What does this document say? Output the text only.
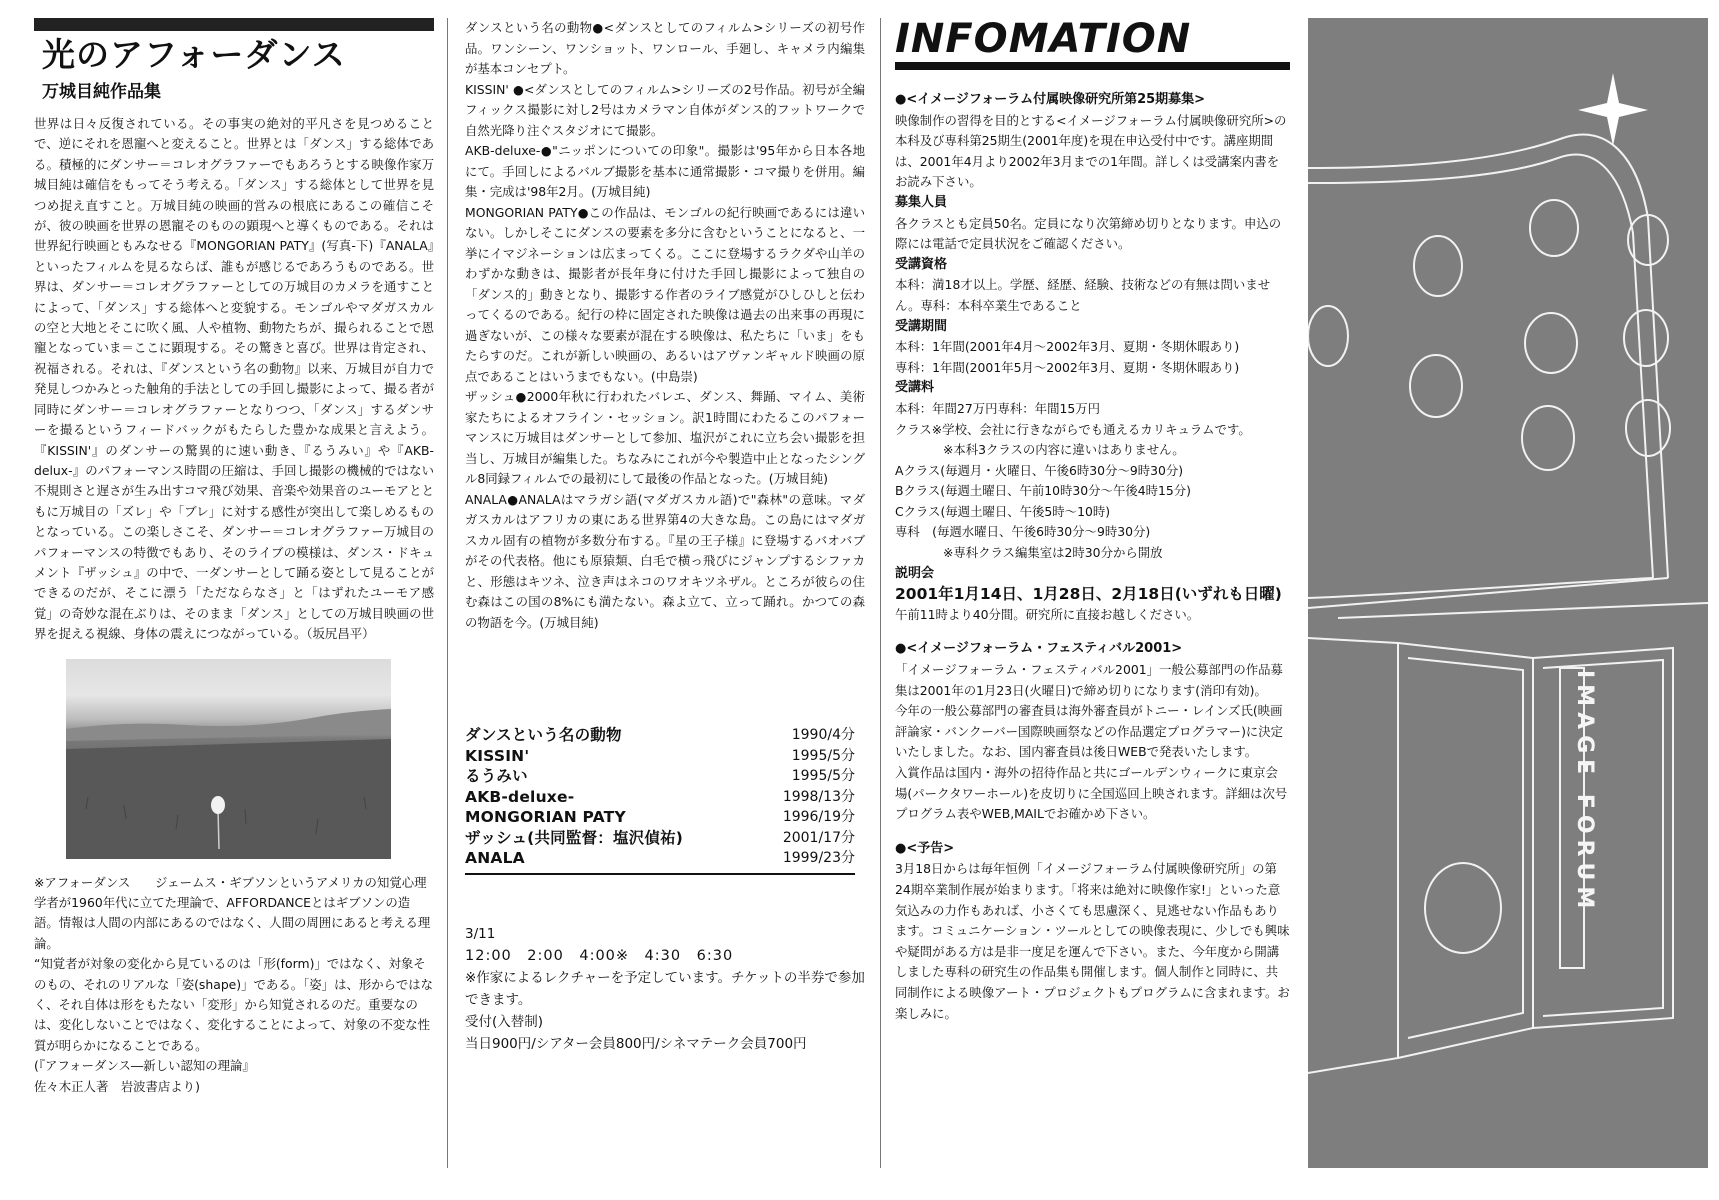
光のアフォーダンス
万城目純作品集

世界は日々反復されている。その事実の絶対的平凡さを見つめることで、逆にそれを恩寵へと変えること。世界とは「ダンス」する総体である。積極的にダンサー＝コレオグラファーでもあろうとする映像作家万城目純は確信をもってそう考える。「ダンス」する総体として世界を見つめ捉え直すこと。万城目純の映画的営みの根底にあるこの確信こそが、彼の映画を世界の恩寵そのものの顕現へと導くものである。それは世界紀行映画ともみなせる『MONGORIAN PATY』(写真-下)『ANALA』といったフィルムを見るならば、誰もが感じるであろうものである。世界は、ダンサー＝コレオグラファーとしての万城目のカメラを通すことによって、「ダンス」する総体へと変貌する。モンゴルやマダガスカルの空と大地とそこに吹く風、人や植物、動物たちが、撮られることで恩寵となっていま＝ここに顕現する。その驚きと喜び。世界は肯定され、祝福される。それは、『ダンスという名の動物』以来、万城目が自力で発見しつかみとった触角的手法としての手回し撮影によって、撮る者が同時にダンサー＝コレオグラファーとなりつつ、「ダンス」するダンサーを撮るというフィードバックがもたらした豊かな成果と言えよう。『KISSIN'』のダンサーの驚異的に速い動き、『るうみい』や『AKB-delux-』のパフォーマンス時間の圧縮は、手回し撮影の機械的ではない不規則さと遅さが生み出すコマ飛び効果、音楽や効果音のユーモアとともに万城目の「ズレ」や「ブレ」に対する感性が突出して楽しめるものとなっている。この楽しさこそ、ダンサー＝コレオグラファー万城目のパフォーマンスの特徴でもあり、そのライブの模様は、ダンス・ドキュメント『ザッシュ』の中で、一ダンサーとして踊る姿として見ることができるのだが、そこに漂う「ただならなさ」と「はずれたユーモア感覚」の奇妙な混在ぶりは、そのまま「ダンス」としての万城目映画の世界を捉える視線、身体の震えにつながっている。（坂尻昌平）

※アフォーダンス　　ジェームス・ギブソンというアメリカの知覚心理学者が1960年代に立てた理論で、AFFORDANCEとはギブソンの造語。情報は人間の内部にあるのではなく、人間の周囲にあると考える理論。

“知覚者が対象の変化から見ているのは「形(form)」ではなく、対象そのもの、それのリアルな「姿(shape)」である。「姿」は、形からではなく、それ自体は形をもたない「変形」から知覚されるのだ。重要なのは、変化しないことではなく、変化することによって、対象の不変な性質が明らかになることである。

(『アフォーダンス―新しい認知の理論』

佐々木正人著　岩波書店より)

ダンスという名の動物●<ダンスとしてのフィルム>シリーズの初号作品。ワンシーン、ワンショット、ワンロール、手廻し、キャメラ内編集が基本コンセプト。

KISSIN' ●<ダンスとしてのフィルム>シリーズの2号作品。初号が全編フィックス撮影に対し2号はカメラマン自体がダンス的フットワークで自然光降り注ぐスタジオにて撮影。

AKB-deluxe-●"ニッポンについての印象"。撮影は'95年から日本各地にて。手回しによるバルブ撮影を基本に通常撮影・コマ撮りを併用。編集・完成は'98年2月。(万城目純)

MONGORIAN PATY●この作品は、モンゴルの紀行映画であるには違いない。しかしそこにダンスの要素を多分に含むということになると、一挙にイマジネーションは広まってくる。ここに登場するラクダや山羊のわずかな動きは、撮影者が長年身に付けた手回し撮影によって独自の「ダンス的」動きとなり、撮影する作者のライブ感覚がひしひしと伝わってくるのである。紀行の枠に固定された映像は過去の出来事の再現に過ぎないが、この様々な要素が混在する映像は、私たちに「いま」をもたらすのだ。これが新しい映画の、あるいはアヴァンギャルド映画の原点であることはいうまでもない。(中島崇)

ザッシュ●2000年秋に行われたバレエ、ダンス、舞踊、マイム、美術家たちによるオフライン・セッション。訳1時間にわたるこのパフォーマンスに万城目はダンサーとして参加、塩沢がこれに立ち会い撮影を担当し、万城目が編集した。ちなみにこれが今や製造中止となったシングル8同録フィルムでの最初にして最後の作品となった。(万城目純)

ANALA●ANALAはマラガシ語(マダガスカル語)で"森林"の意味。マダガスカルはアフリカの東にある世界第4の大きな島。この島にはマダガスカル固有の植物が多数分布する。『星の王子様』に登場するバオバブがその代表格。他にも原猿類、白毛で横っ飛びにジャンプするシファカと、形態はキツネ、泣き声はネコのワオキツネザル。ところが彼らの住む森はこの国の8%にも満たない。森よ立て、立って踊れ。かつての森の物語を今。(万城目純)

ダンスという名の動物	1990/4分
KISSIN'	1995/5分
るうみい	1995/5分
AKB-deluxe-	1998/13分
MONGORIAN PATY	1996/19分
ザッシュ(共同監督：塩沢偵祐)	2001/17分
ANALA	1999/23分
3/11
12:00　2:00　4:00※　4:30　6:30
※作家によるレクチャーを予定しています。チケットの半券で参加できます。
受付(入替制)
当日900円/シアター会員800円/シネマテーク会員700円
INFOMATION

●<イメージフォーラム付属映像研究所第25期募集>

映像制作の習得を目的とする<イメージフォーラム付属映像研究所>の本科及び専科第25期生(2001年度)を現在申込受付中です。講座期間は、2001年4月より2002年3月までの1年間。詳しくは受講案内書をお読み下さい。

募集人員

各クラスとも定員50名。定員になり次第締め切りとなります。申込の際には電話で定員状況をご確認ください。

受講資格

本科：満18才以上。学歴、経歴、経験、技術などの有無は問いません。専科：本科卒業生であること

受講期間

本科：1年間(2001年4月～2002年3月、夏期・冬期休暇あり)

専科：1年間(2001年5月～2002年3月、夏期・冬期休暇あり)

受講料

本科：年間27万円専科：年間15万円

クラス※学校、会社に行きながらでも通えるカリキュラムです。

※本科3クラスの内容に違いはありません。

Aクラス(毎週月・火曜日、午後6時30分～9時30分)

Bクラス(毎週土曜日、午前10時30分～午後4時15分)

Cクラス(毎週土曜日、午後5時～10時)

専科　(毎週水曜日、午後6時30分～9時30分)

※専科クラス編集室は2時30分から開放

説明会

2001年1月14日、1月28日、2月18日(いずれも日曜)

午前11時より40分間。研究所に直接お越しください。

●<イメージフォーラム・フェスティバル2001>

「イメージフォーラム・フェスティバル2001」一般公募部門の作品募集は2001年の1月23日(火曜日)で締め切りになります(消印有効)。

今年の一般公募部門の審査員は海外審査員がトニー・レインズ氏(映画評論家・バンクーバー国際映画祭などの作品選定プログラマー)に決定いたしました。なお、国内審査員は後日WEBで発表いたします。

入賞作品は国内・海外の招待作品と共にゴールデンウィークに東京会場(パークタワーホール)を皮切りに全国巡回上映されます。詳細は次号プログラム表やWEB,MAILでお確かめ下さい。

●<予告>

3月18日からは毎年恒例「イメージフォーラム付属映像研究所」の第24期卒業制作展が始まります。「将来は絶対に映像作家!」といった意気込みの力作もあれば、小さくても思慮深く、見逃せない作品もあります。コミュニケーション・ツールとしての映像表現に、少しでも興味や疑問がある方は是非一度足を運んで下さい。また、今年度から開講しました専科の研究生の作品集も開催します。個人制作と同時に、共同制作による映像アート・プロジェクトもプログラムに含まれます。お楽しみに。

IMAGE FORUM
